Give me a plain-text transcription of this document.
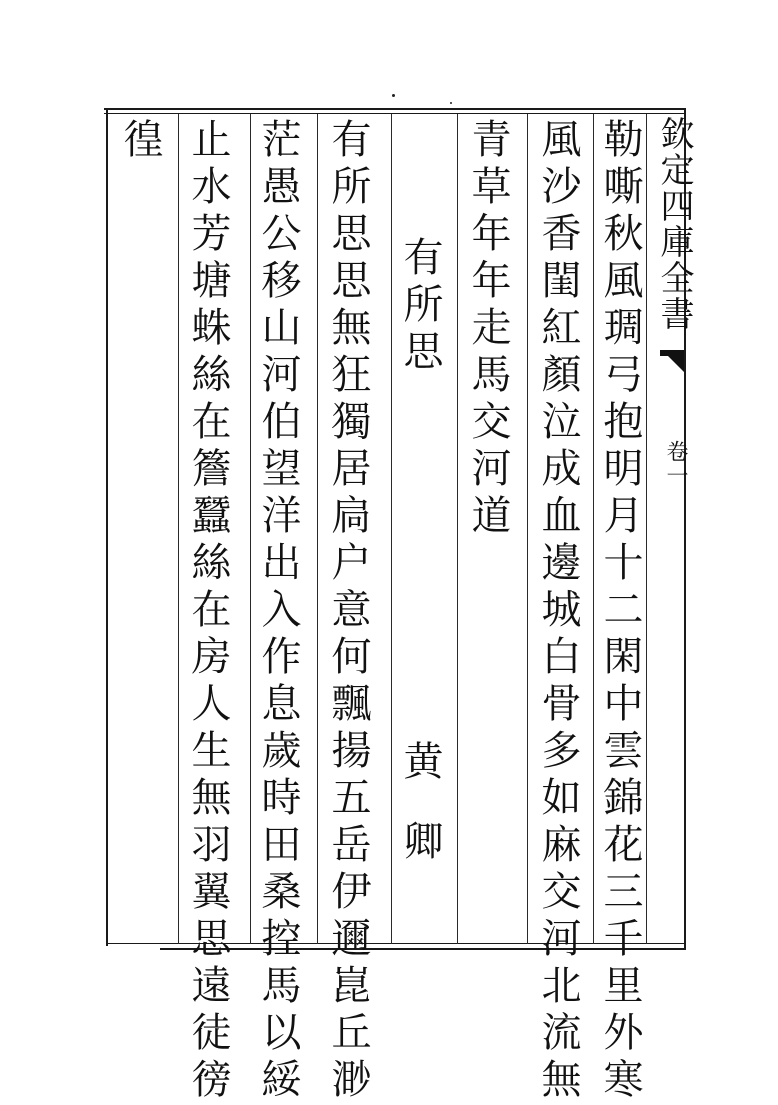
欽定四庫全書
卷一
勒嘶秋風琱弓抱明月十二閑中雲錦花三千里外寒
風沙香閨紅顏泣成血邊城白骨多如麻交河北流無
青草年年走馬交河道
有所思
黄卿
有所思思無狂獨居扃户意何飄揚五岳伊邇崑丘渺
茫愚公移山河伯望洋出入作息歲時田桑控馬以綏
止水芳塘蛛絲在簷蠶絲在房人生無羽翼思遠徒徬
徨
